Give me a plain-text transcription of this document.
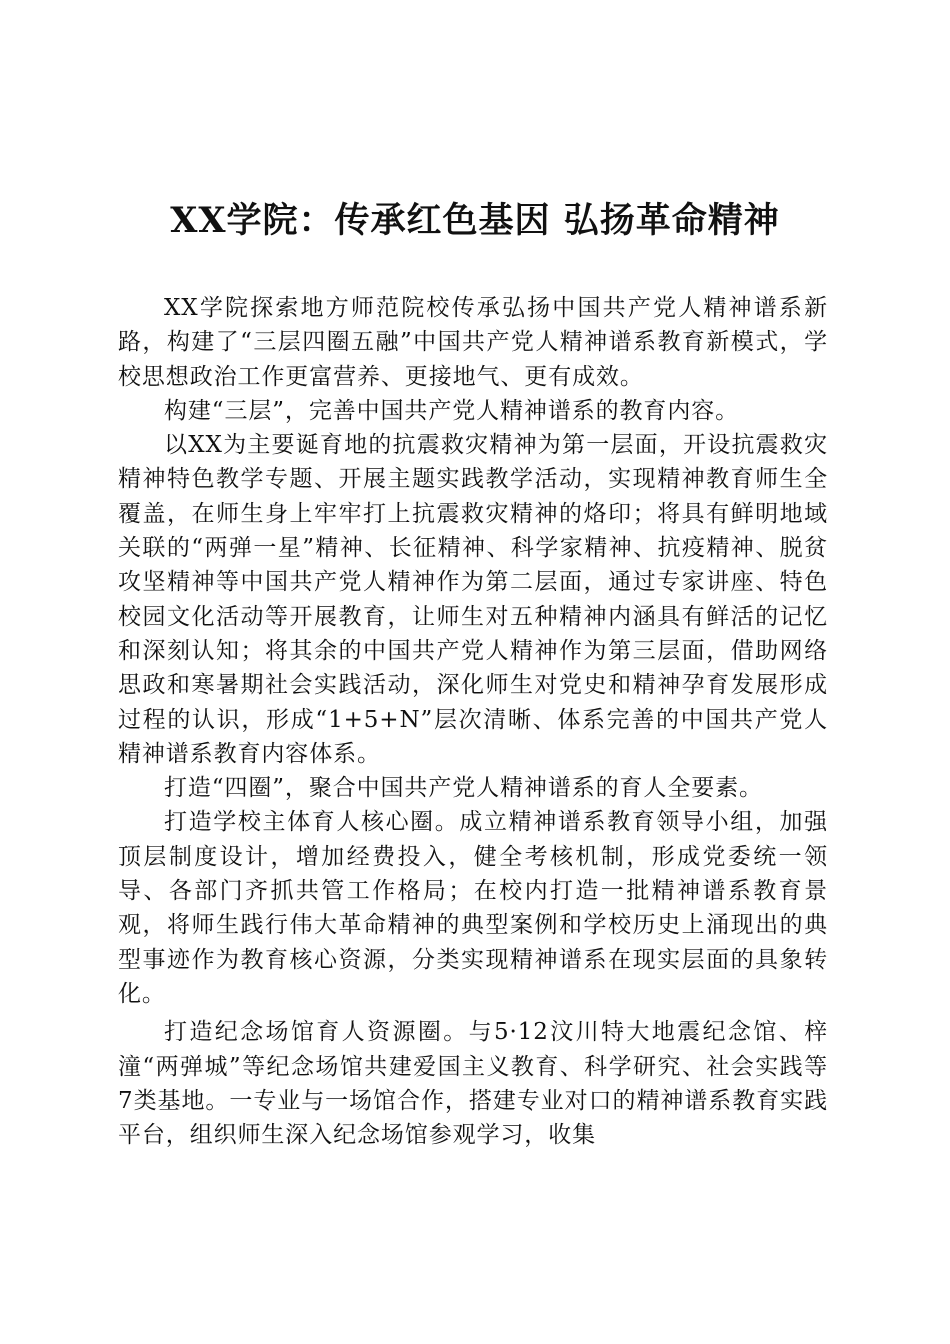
XX学院：传承红色基因 弘扬革命精神

XX学院探索地方师范院校传承弘扬中国共产党人精神谱系新路，构建了“三层四圈五融”中国共产党人精神谱系教育新模式，学校思想政治工作更富营养、更接地气、更有成效。

构建“三层”，完善中国共产党人精神谱系的教育内容。

以XX为主要诞育地的抗震救灾精神为第一层面，开设抗震救灾精神特色教学专题、开展主题实践教学活动，实现精神教育师生全覆盖，在师生身上牢牢打上抗震救灾精神的烙印；将具有鲜明地域关联的“两弹一星”精神、长征精神、科学家精神、抗疫精神、脱贫攻坚精神等中国共产党人精神作为第二层面，通过专家讲座、特色校园文化活动等开展教育，让师生对五种精神内涵具有鲜活的记忆和深刻认知；将其余的中国共产党人精神作为第三层面，借助网络思政和寒暑期社会实践活动，深化师生对党史和精神孕育发展形成过程的认识，形成“1+5+N”层次清晰、体系完善的中国共产党人精神谱系教育内容体系。

打造“四圈”，聚合中国共产党人精神谱系的育人全要素。

打造学校主体育人核心圈。成立精神谱系教育领导小组，加强顶层制度设计，增加经费投入，健全考核机制，形成党委统一领导、各部门齐抓共管工作格局；在校内打造一批精神谱系教育景观，将师生践行伟大革命精神的典型案例和学校历史上涌现出的典型事迹作为教育核心资源，分类实现精神谱系在现实层面的具象转化。

打造纪念场馆育人资源圈。与5·12汶川特大地震纪念馆、梓潼“两弹城”等纪念场馆共建爱国主义教育、科学研究、社会实践等7类基地。一专业与一场馆合作，搭建专业对口的精神谱系教育实践平台，组织师生深入纪念场馆参观学习，收集
